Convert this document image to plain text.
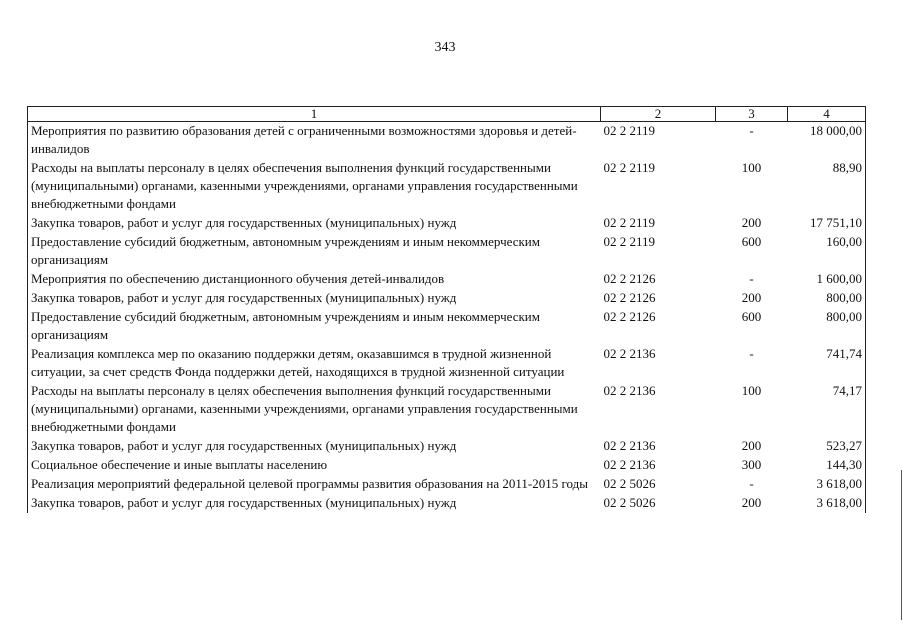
343
1	2	3	4
Мероприятия по развитию образования детей с ограниченными возможностями здоровья и детей-инвалидов	02 2 2119	-	18 000,00
Расходы на выплаты персоналу в целях обеспечения выполнения функций государственными (муниципальными) органами, казенными учреждениями, органами управления государственными внебюджетными фондами	02 2 2119	100	88,90
Закупка товаров, работ и услуг для государственных (муниципальных) нужд	02 2 2119	200	17 751,10
Предоставление субсидий бюджетным, автономным учреждениям и иным некоммерческим организациям	02 2 2119	600	160,00
Мероприятия по обеспечению дистанционного обучения детей-инвалидов	02 2 2126	-	1 600,00
Закупка товаров, работ и услуг для государственных (муниципальных) нужд	02 2 2126	200	800,00
Предоставление субсидий бюджетным, автономным учреждениям и иным некоммерческим организациям	02 2 2126	600	800,00
Реализация комплекса мер по оказанию поддержки детям, оказавшимся в трудной жизненной ситуации, за счет средств Фонда поддержки детей, находящихся в трудной жизненной ситуации	02 2 2136	-	741,74
Расходы на выплаты персоналу в целях обеспечения выполнения функций государственными (муниципальными) органами, казенными учреждениями, органами управления государственными внебюджетными фондами	02 2 2136	100	74,17
Закупка товаров, работ и услуг для государственных (муниципальных) нужд	02 2 2136	200	523,27
Социальное обеспечение и иные выплаты населению	02 2 2136	300	144,30
Реализация мероприятий федеральной целевой программы развития образования на 2011-2015 годы	02 2 5026	-	3 618,00
Закупка товаров, работ и услуг для государственных (муниципальных) нужд	02 2 5026	200	3 618,00
